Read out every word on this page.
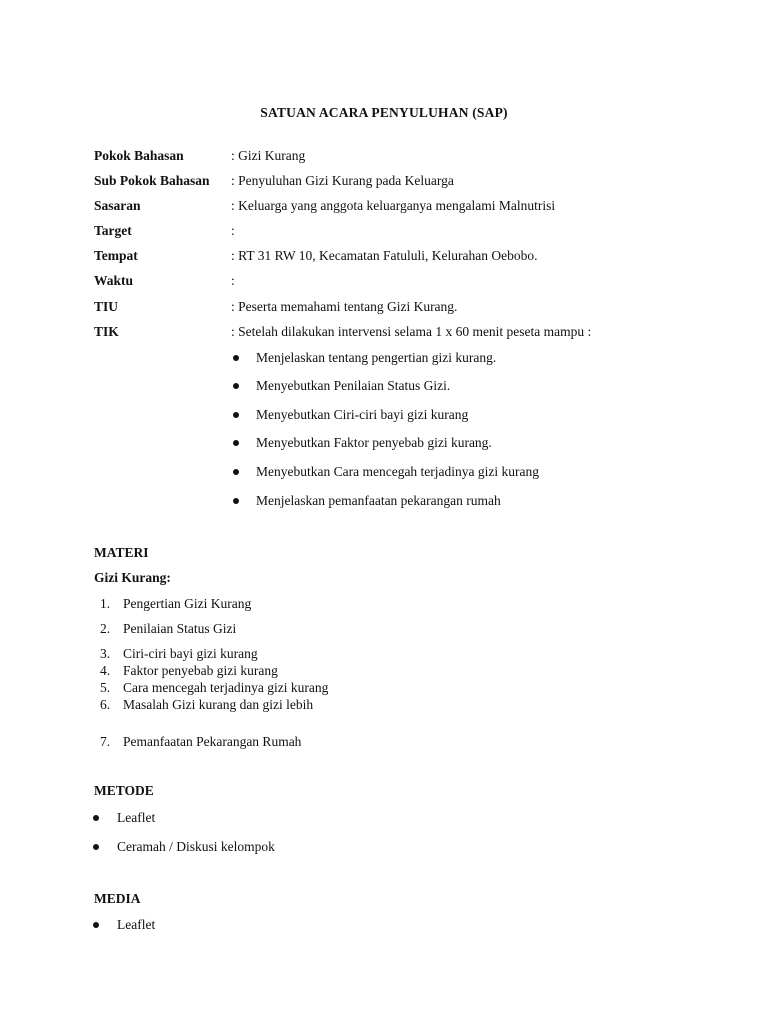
SATUAN ACARA PENYULUHAN (SAP)
Pokok Bahasan	: Gizi Kurang
Sub Pokok Bahasan : Penyuluhan Gizi Kurang pada Keluarga
Sasaran	: Keluarga yang anggota keluarganya mengalami Malnutrisi
Target	:
Tempat	: RT 31 RW 10, Kecamatan Fatululi, Kelurahan Oebobo.
Waktu	:
TIU	: Peserta memahami tentang Gizi Kurang.
TIK	: Setelah dilakukan intervensi selama 1 x 60 menit peseta mampu :
Menjelaskan tentang pengertian gizi kurang.
Menyebutkan Penilaian Status Gizi.
Menyebutkan Ciri-ciri bayi gizi kurang
Menyebutkan Faktor penyebab gizi kurang.
Menyebutkan Cara mencegah terjadinya gizi kurang
Menjelaskan pemanfaatan pekarangan rumah
MATERI
Gizi Kurang:
1. Pengertian Gizi Kurang
2. Penilaian Status Gizi
3. Ciri-ciri bayi gizi kurang
4. Faktor penyebab gizi kurang
5. Cara mencegah terjadinya gizi kurang
6. Masalah Gizi kurang dan gizi lebih
7. Pemanfaatan Pekarangan Rumah
METODE
Leaflet
Ceramah / Diskusi kelompok
MEDIA
Leaflet
